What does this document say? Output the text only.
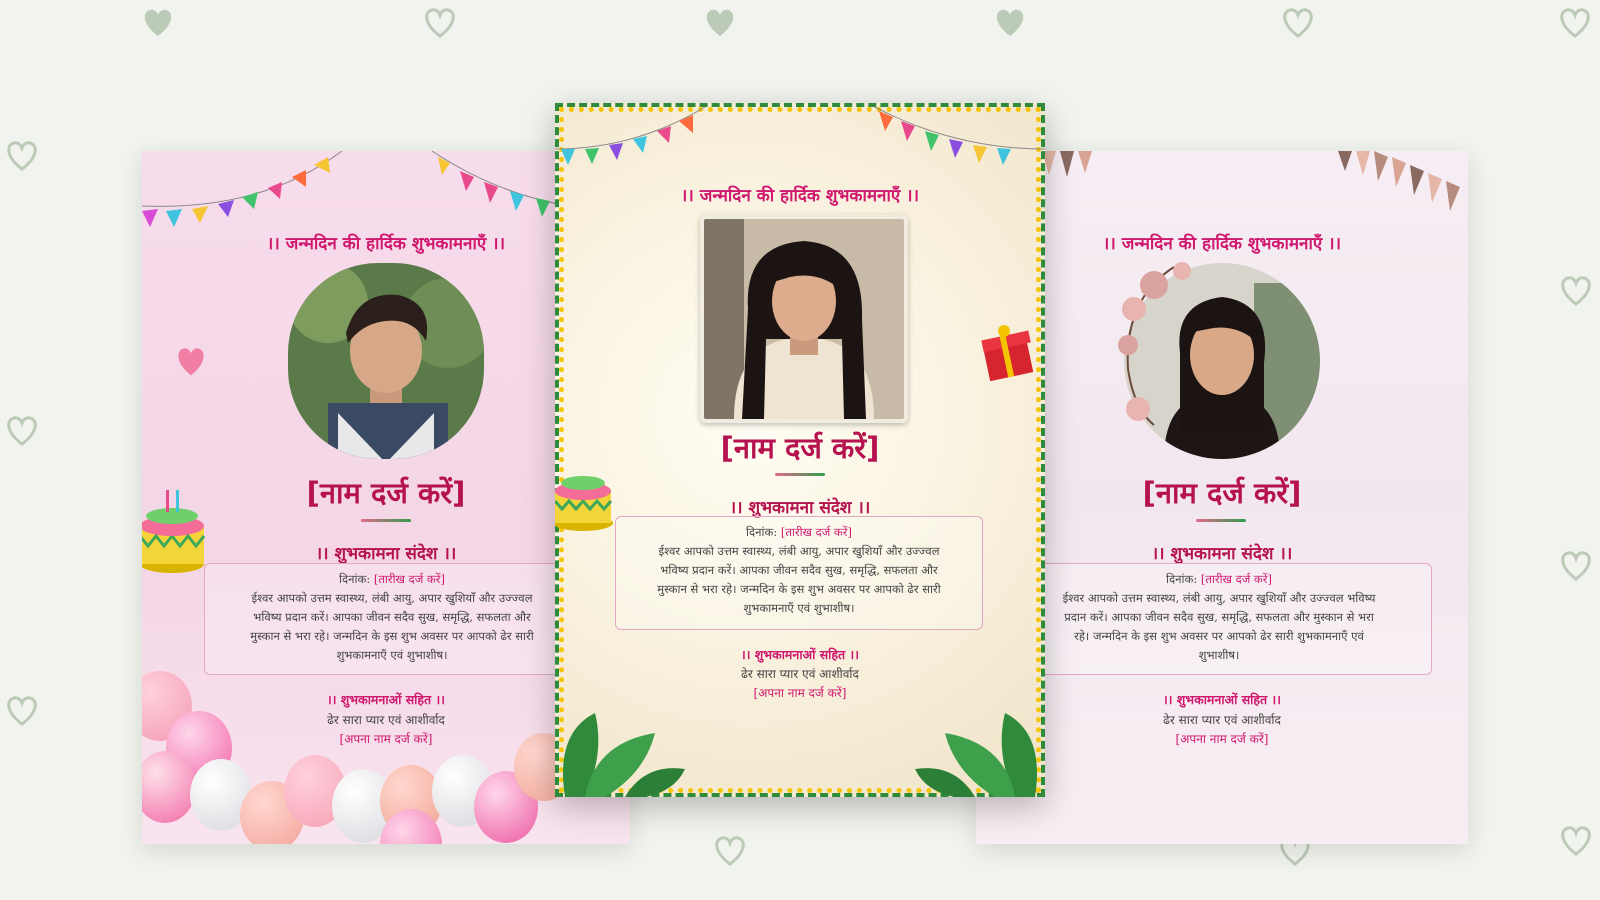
।। जन्मदिन की हार्दिक शुभकामनाएँ ।।
[नाम दर्ज करें]
।। शुभकामना संदेश ।।
दिनांक: [तारीख दर्ज करें]
ईश्वर आपको उत्तम स्वास्थ्य, लंबी आयु, अपार खुशियाँ और उज्ज्वल
भविष्य प्रदान करें। आपका जीवन सदैव सुख, समृद्धि, सफलता और
मुस्कान से भरा रहे। जन्मदिन के इस शुभ अवसर पर आपको ढेर सारी
शुभकामनाएँ एवं शुभाशीष।
।। शुभकामनाओं सहित ।।
ढेर सारा प्यार एवं आशीर्वाद
[अपना नाम दर्ज करें]
।। जन्मदिन की हार्दिक शुभकामनाएँ ।।
[नाम दर्ज करें]
।। शुभकामना संदेश ।।
दिनांक: [तारीख दर्ज करें]
ईश्वर आपको उत्तम स्वास्थ्य, लंबी आयु, अपार खुशियाँ और उज्ज्वल भविष्य
प्रदान करें। आपका जीवन सदैव सुख, समृद्धि, सफलता और मुस्कान से भरा
रहे। जन्मदिन के इस शुभ अवसर पर आपको ढेर सारी शुभकामनाएँ एवं
शुभाशीष।
।। शुभकामनाओं सहित ।।
ढेर सारा प्यार एवं आशीर्वाद
[अपना नाम दर्ज करें]
।। जन्मदिन की हार्दिक शुभकामनाएँ ।।
[नाम दर्ज करें]
।। शुभकामना संदेश ।।
दिनांक: [तारीख दर्ज करें]
ईश्वर आपको उत्तम स्वास्थ्य, लंबी आयु, अपार खुशियाँ और उज्ज्वल
भविष्य प्रदान करें। आपका जीवन सदैव सुख, समृद्धि, सफलता और
मुस्कान से भरा रहे। जन्मदिन के इस शुभ अवसर पर आपको ढेर सारी
शुभकामनाएँ एवं शुभाशीष।
।। शुभकामनाओं सहित ।।
ढेर सारा प्यार एवं आशीर्वाद
[अपना नाम दर्ज करें]
